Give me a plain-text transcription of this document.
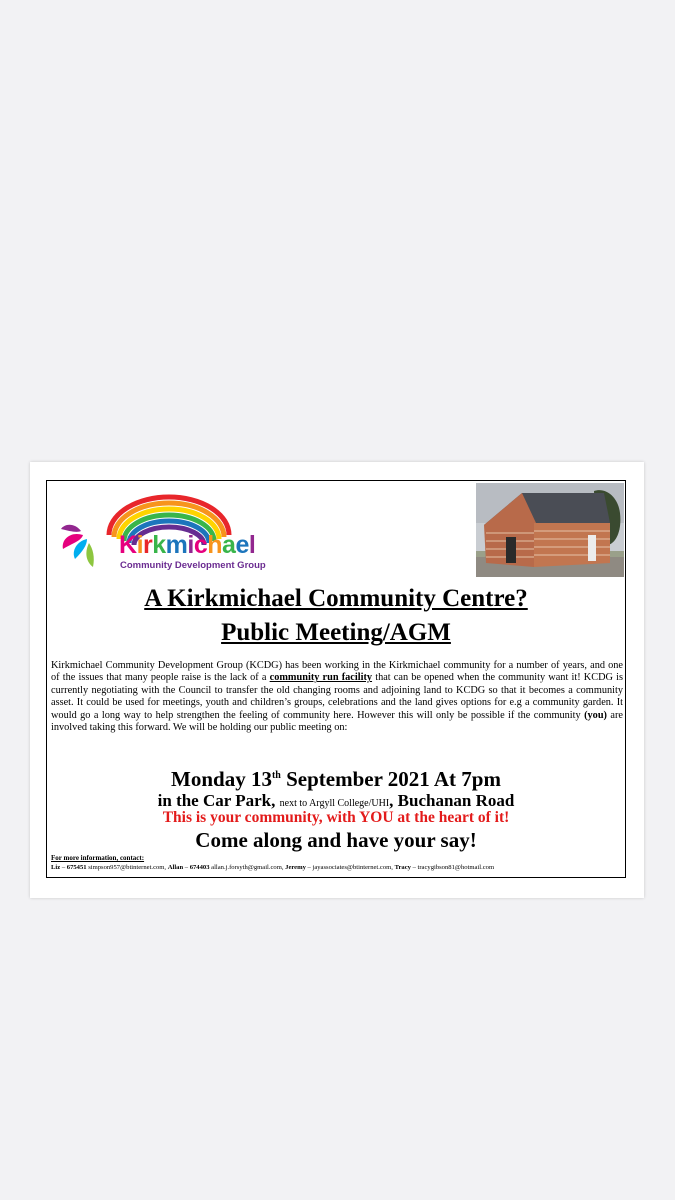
Kirkmichael
Community Development Group
A Kirkmichael Community Centre?
Public Meeting/AGM
Kirkmichael Community Development Group (KCDG) has been working in the Kirkmichael community for a number of years, and one of the issues that many people raise is the lack of a community run facility that can be opened when the community want it! KCDG is currently negotiating with the Council to transfer the old changing rooms and adjoining land to KCDG so that it becomes a community asset. It could be used for meetings, youth and children’s groups, celebrations and the land gives options for e.g a community garden. It would go a long way to help strengthen the feeling of community here. However this will only be possible if the community (you) are involved taking this forward. We will be holding our public meeting on:
Monday 13th September 2021 At 7pm
in the Car Park, next to Argyll College/UHI, Buchanan Road
This is your community, with YOU at the heart of it!
Come along and have your say!
For more information, contact:
Liz – 675451 simpson957@btinternet.com, Allan – 674403 allan.j.forsyth@gmail.com, Jeremy – jayassociates@btinternet.com, Tracy – tracygibson81@hotmail.com
